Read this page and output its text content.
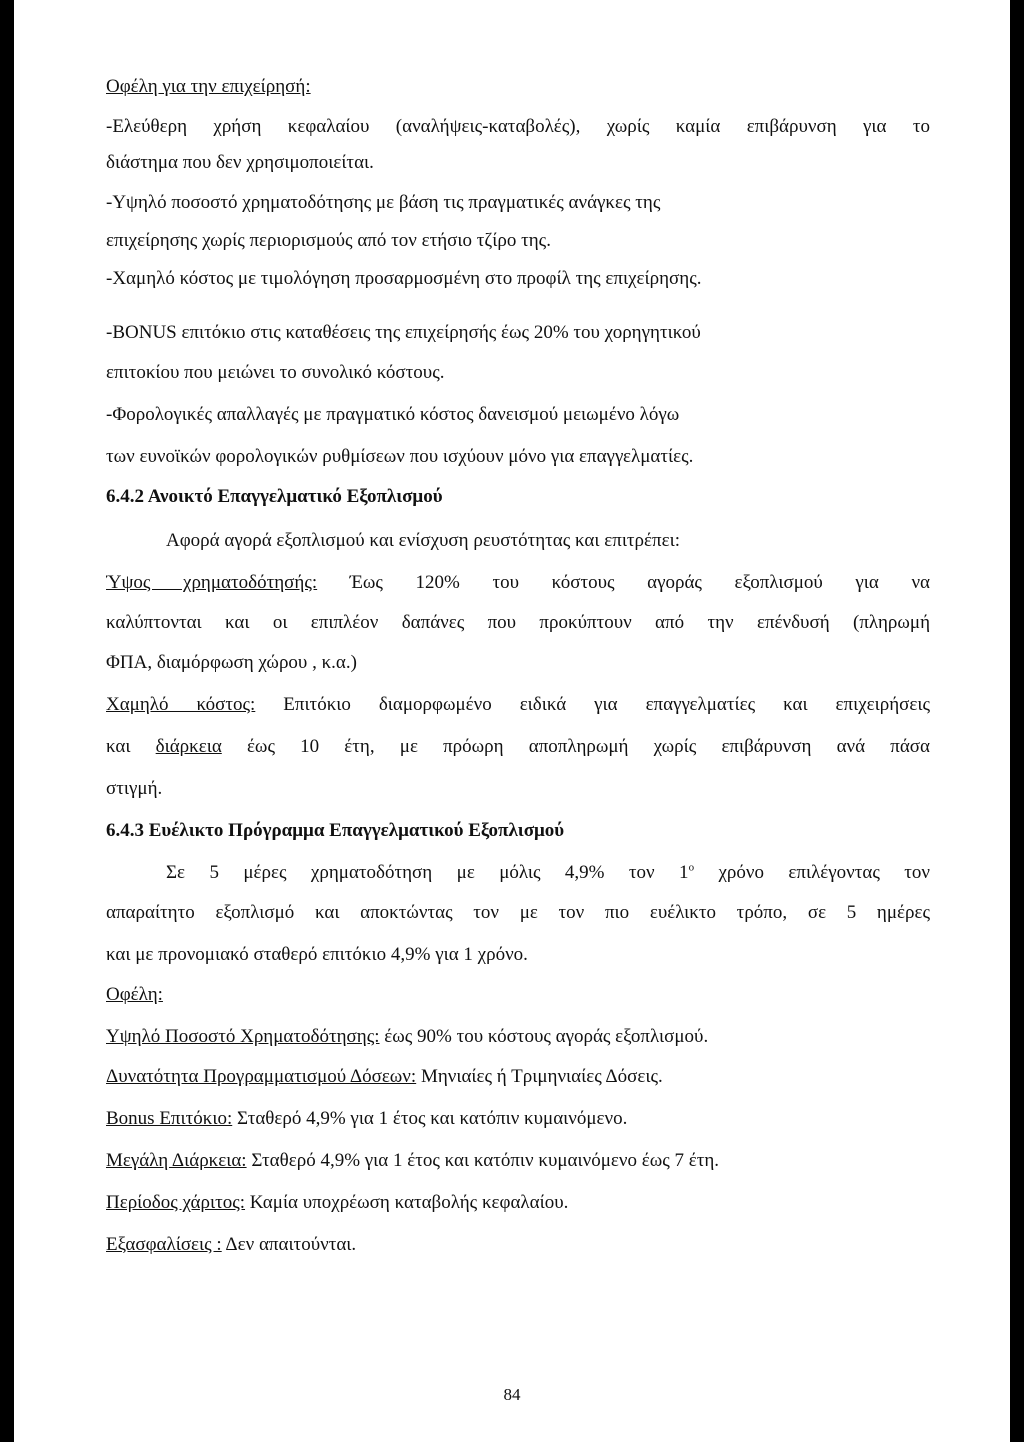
Οφέλη για την επιχείρησή:
-Ελεύθερη χρήση κεφαλαίου (αναλήψεις-καταβολές), χωρίς καμία επιβάρυνση για το
διάστημα που δεν χρησιμοποιείται.
-Υψηλό ποσοστό χρηματοδότησης με βάση τις πραγματικές ανάγκες της
επιχείρησης χωρίς περιορισμούς από τον ετήσιο τζίρο της.
-Χαμηλό κόστος με τιμολόγηση προσαρμοσμένη στο προφίλ της επιχείρησης.
-BONUS επιτόκιο στις καταθέσεις της επιχείρησής έως 20% του χορηγητικού
επιτοκίου που μειώνει το συνολικό κόστους.
-Φορολογικές απαλλαγές με πραγματικό κόστος δανεισμού μειωμένο λόγω
των ευνοϊκών φορολογικών ρυθμίσεων που ισχύουν μόνο για επαγγελματίες.
6.4.2 Ανοικτό Επαγγελματικό Εξοπλισμού
Αφορά αγορά εξοπλισμού και ενίσχυση ρευστότητας και επιτρέπει:
Ύψος χρηματοδότησής: Έως 120% του κόστους αγοράς εξοπλισμού για να
καλύπτονται και οι επιπλέον δαπάνες που προκύπτουν από την επένδυσή (πληρωμή
ΦΠΑ, διαμόρφωση χώρου , κ.α.)
Χαμηλό κόστος: Επιτόκιο διαμορφωμένο ειδικά για επαγγελματίες και επιχειρήσεις
και διάρκεια έως 10 έτη, με πρόωρη αποπληρωμή χωρίς επιβάρυνση ανά πάσα
στιγμή.
6.4.3 Ευέλικτο Πρόγραμμα Επαγγελματικού Εξοπλισμού
Σε 5 μέρες χρηματοδότηση με μόλις 4,9% τον $1^o$ χρόνο επιλέγοντας τον
απαραίτητο εξοπλισμό και αποκτώντας τον με τον πιο ευέλικτο τρόπο, σε 5 ημέρες
και με προνομιακό σταθερό επιτόκιο 4,9% για 1 χρόνο.
Οφέλη:
Υψηλό Ποσοστό Χρηματοδότησης: έως 90% του κόστους αγοράς εξοπλισμού.
Δυνατότητα Προγραμματισμού Δόσεων: Μηνιαίες ή Τριμηνιαίες Δόσεις.
Bonus Επιτόκιο: Σταθερό 4,9% για 1 έτος και κατόπιν κυμαινόμενο.
Μεγάλη Διάρκεια: Σταθερό 4,9% για 1 έτος και κατόπιν κυμαινόμενο έως 7 έτη.
Περίοδος χάριτος: Καμία υποχρέωση καταβολής κεφαλαίου.
Εξασφαλίσεις : Δεν απαιτούνται.
84
